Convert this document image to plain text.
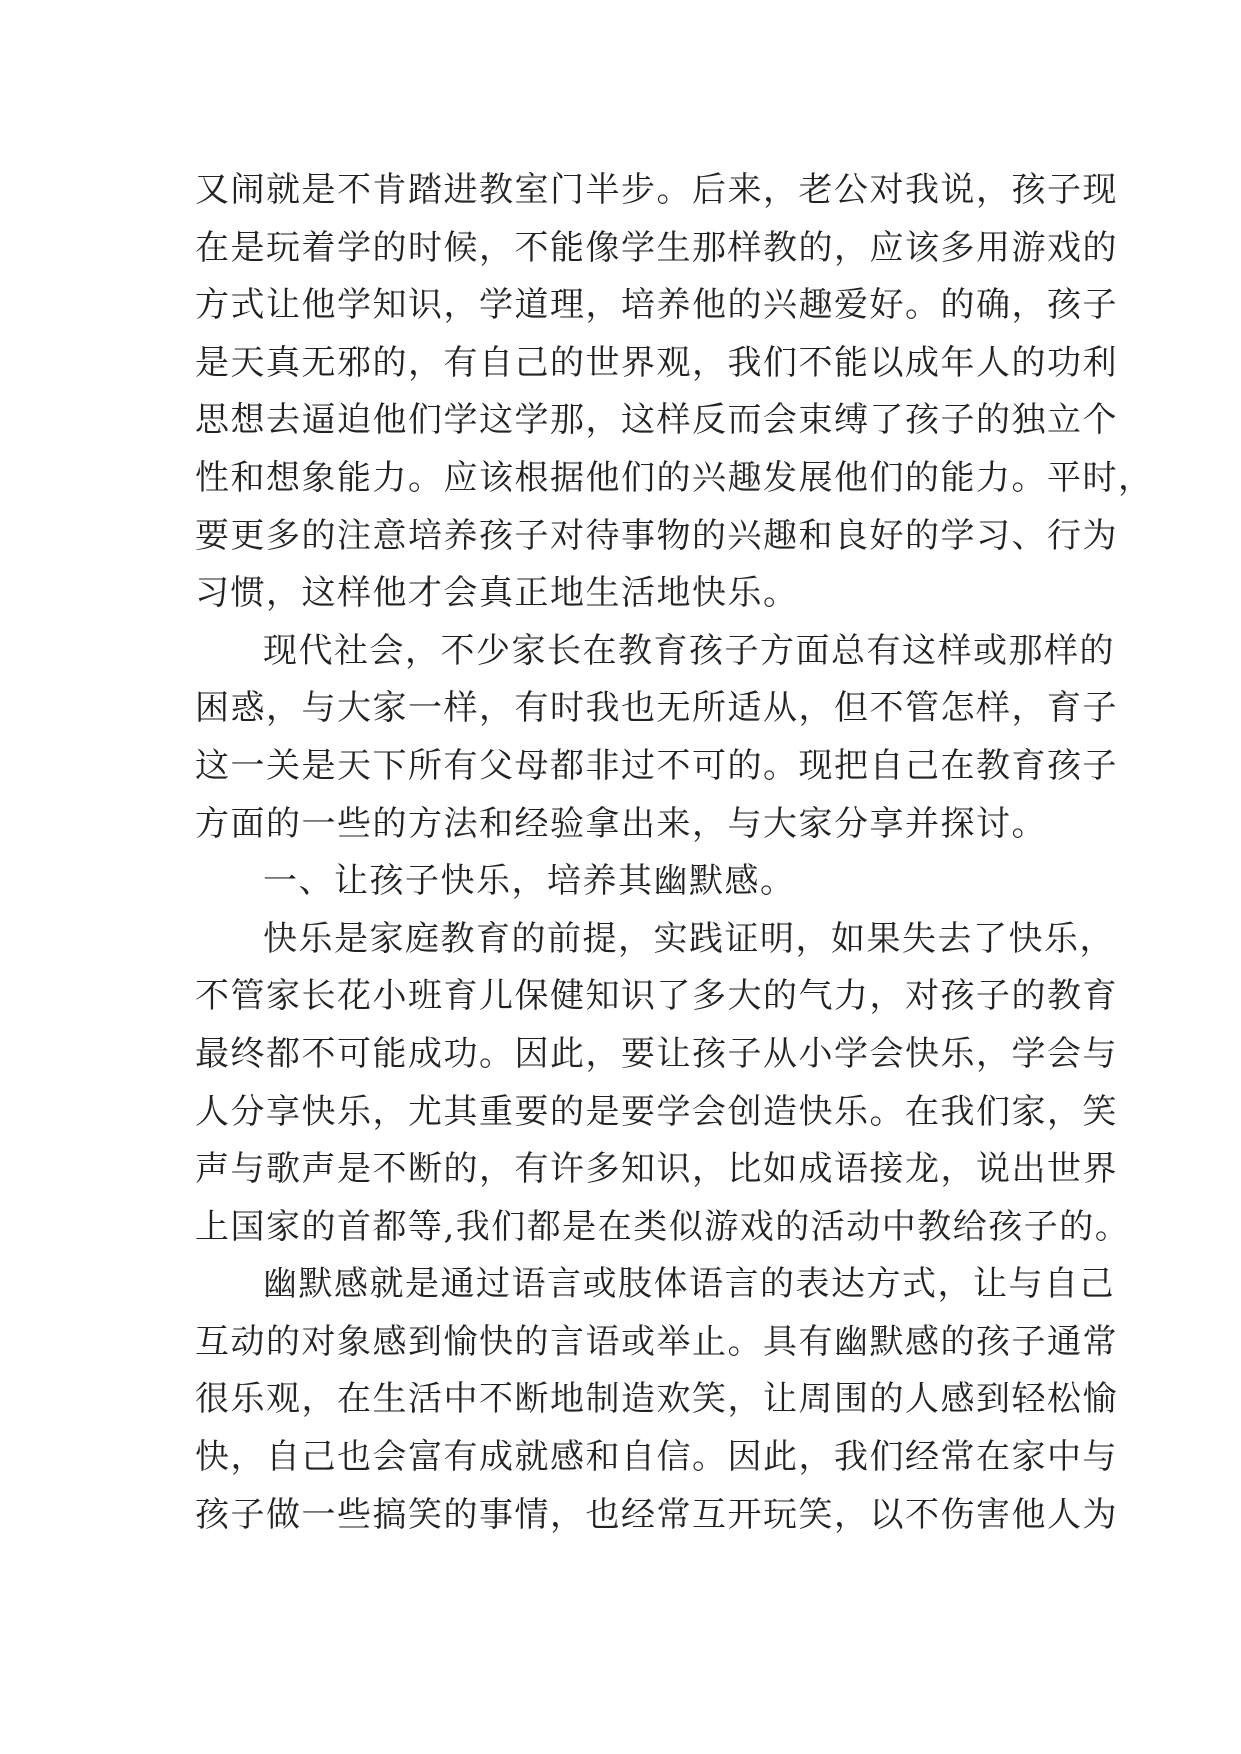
又闹就是不肯踏进教室门半步。后来，老公对我说，孩子现
在是玩着学的时候，不能像学生那样教的，应该多用游戏的
方式让他学知识，学道理，培养他的兴趣爱好。的确，孩子
是天真无邪的，有自己的世界观，我们不能以成年人的功利
思想去逼迫他们学这学那，这样反而会束缚了孩子的独立个
性和想象能力。应该根据他们的兴趣发展他们的能力。平时，
要更多的注意培养孩子对待事物的兴趣和良好的学习、行为
习惯，这样他才会真正地生活地快乐。
现代社会，不少家长在教育孩子方面总有这样或那样的
困惑，与大家一样，有时我也无所适从，但不管怎样，育子
这一关是天下所有父母都非过不可的。现把自己在教育孩子
方面的一些的方法和经验拿出来，与大家分享并探讨。
一、让孩子快乐，培养其幽默感。
快乐是家庭教育的前提，实践证明，如果失去了快乐，
不管家长花小班育儿保健知识了多大的气力，对孩子的教育
最终都不可能成功。因此，要让孩子从小学会快乐，学会与
人分享快乐，尤其重要的是要学会创造快乐。在我们家，笑
声与歌声是不断的，有许多知识，比如成语接龙，说出世界
上国家的首都等,我们都是在类似游戏的活动中教给孩子的。
幽默感就是通过语言或肢体语言的表达方式，让与自己
互动的对象感到愉快的言语或举止。具有幽默感的孩子通常
很乐观，在生活中不断地制造欢笑，让周围的人感到轻松愉
快，自己也会富有成就感和自信。因此，我们经常在家中与
孩子做一些搞笑的事情，也经常互开玩笑，以不伤害他人为
